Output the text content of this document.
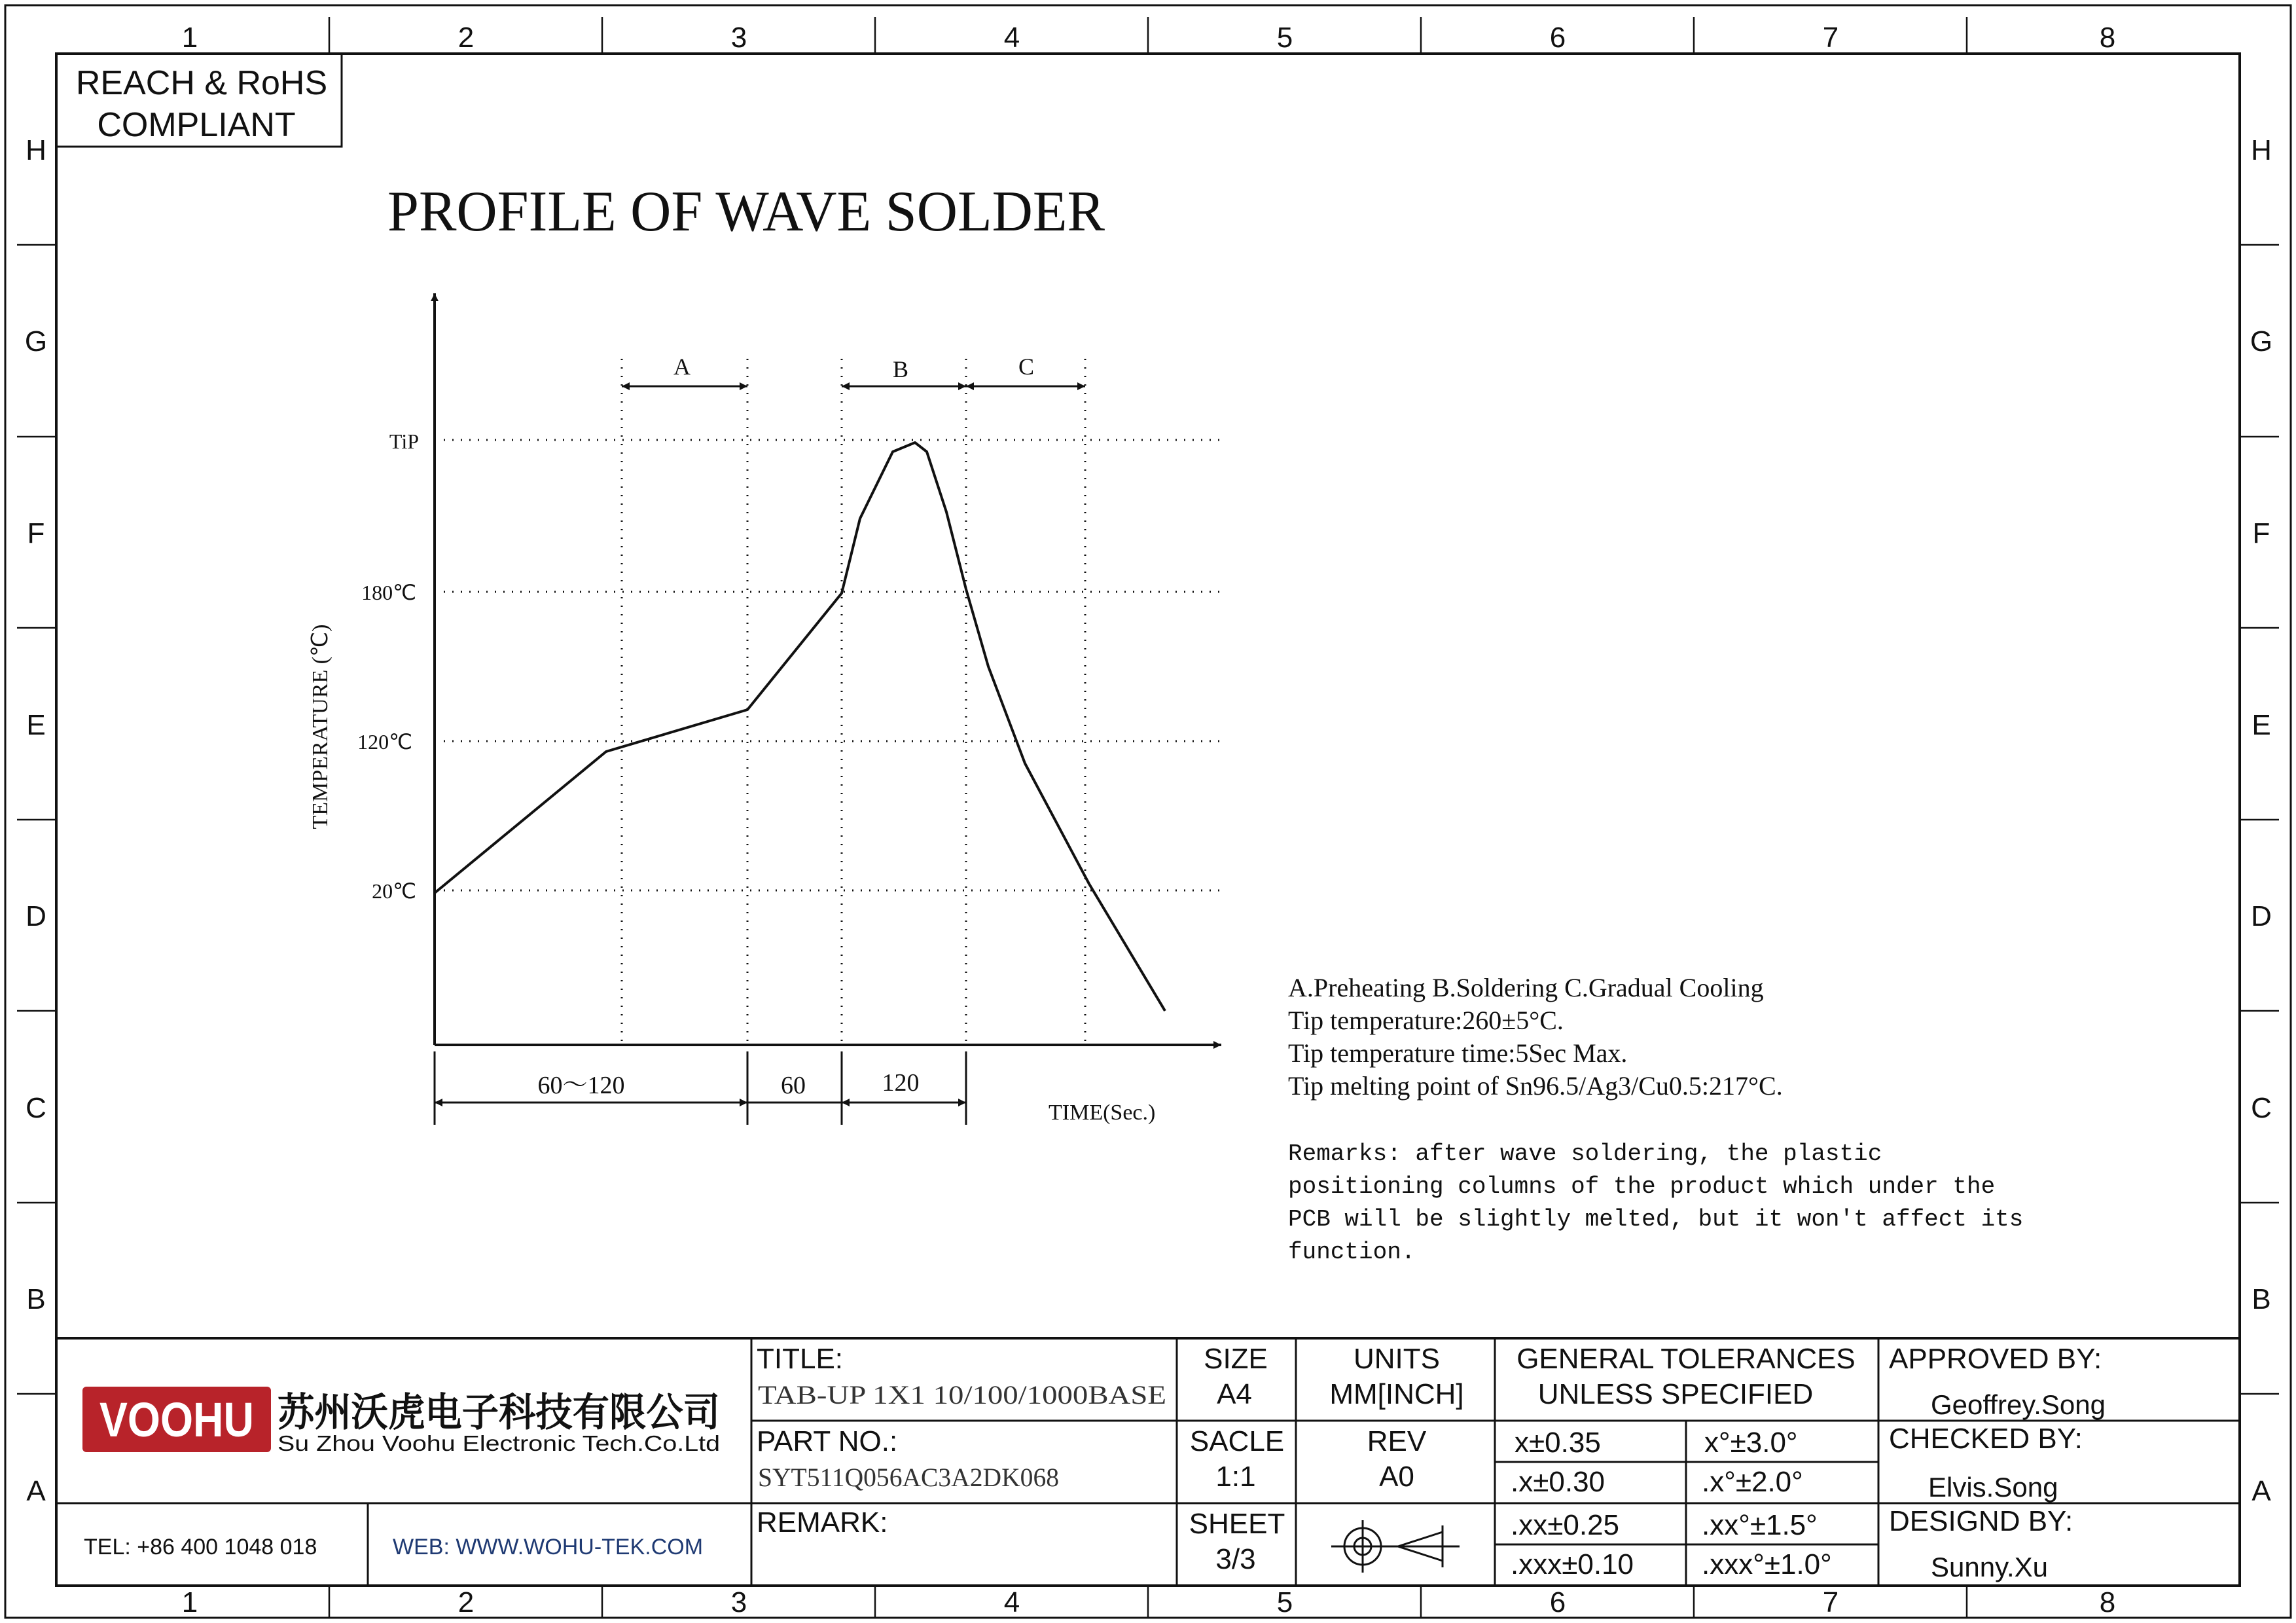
1	2	3	4	5	6	7	8
1	2	3	4	5	6	7	8
H
G
F
E
D
C
B
A
H
G
F
E
D
C
B
A
REACH & RoHS
COMPLIANT
PROFILE OF WAVE SOLDER
A	B	C
TiP
180℃
120℃
20℃
TEMPERATURE (℃)
60～120	60	120
TIME(Sec.)
A.Preheating B.Soldering C.Gradual Cooling
Tip temperature:260±5°C.
Tip temperature time:5Sec Max.
Tip melting point of Sn96.5/Ag3/Cu0.5:217°C.
Remarks: after wave soldering, the plastic
positioning columns of the product which under the
PCB will be slightly melted, but it won't affect its
function.
VOOHU 苏州沃虎电子科技有限公司
Su Zhou Voohu Electronic Tech.Co.Ltd
TEL: +86 400 1048 018	WEB: WWW.WOHU-TEK.COM
TITLE:
TAB-UP 1X1 10/100/1000BASE
PART NO.:
SYT511Q056AC3A2DK068
REMARK:
SIZE
A4
UNITS
MM[INCH]
SACLE
1:1
REV
A0
SHEET
3/3
GENERAL TOLERANCES
UNLESS SPECIFIED
x±0.35	x°±3.0°
.x±0.30	.x°±2.0°
.xx±0.25	.xx°±1.5°
.xxx±0.10 .xxx°±1.0°
APPROVED BY:
Geoffrey.Song
CHECKED BY:
Elvis.Song
DESIGND BY:
Sunny.Xu
